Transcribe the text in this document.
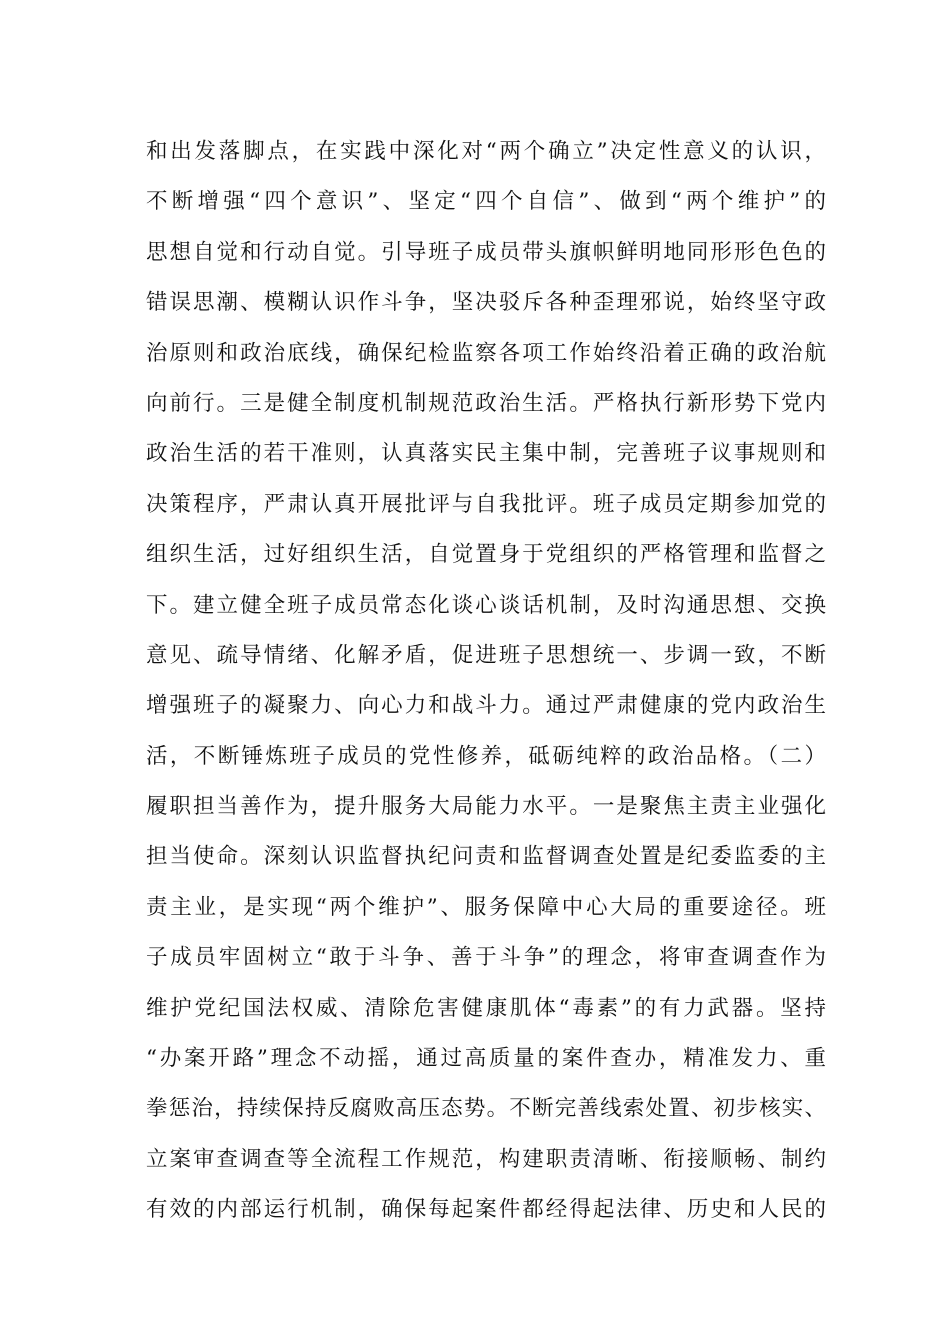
和出发落脚点，在实践中深化对“两个确立”决定性意义的认识，
不断增强“四个意识”、坚定“四个自信”、做到“两个维护”的
思想自觉和行动自觉。引导班子成员带头旗帜鲜明地同形形色色的
错误思潮、模糊认识作斗争，坚决驳斥各种歪理邪说，始终坚守政
治原则和政治底线，确保纪检监察各项工作始终沿着正确的政治航
向前行。三是健全制度机制规范政治生活。严格执行新形势下党内
政治生活的若干准则，认真落实民主集中制，完善班子议事规则和
决策程序，严肃认真开展批评与自我批评。班子成员定期参加党的
组织生活，过好组织生活，自觉置身于党组织的严格管理和监督之
下。建立健全班子成员常态化谈心谈话机制，及时沟通思想、交换
意见、疏导情绪、化解矛盾，促进班子思想统一、步调一致，不断
增强班子的凝聚力、向心力和战斗力。通过严肃健康的党内政治生
活，不断锤炼班子成员的党性修养，砥砺纯粹的政治品格。（二）
履职担当善作为，提升服务大局能力水平。一是聚焦主责主业强化
担当使命。深刻认识监督执纪问责和监督调查处置是纪委监委的主
责主业，是实现“两个维护”、服务保障中心大局的重要途径。班
子成员牢固树立“敢于斗争、善于斗争”的理念，将审查调查作为
维护党纪国法权威、清除危害健康肌体“毒素”的有力武器。坚持
“办案开路”理念不动摇，通过高质量的案件查办，精准发力、重
拳惩治，持续保持反腐败高压态势。不断完善线索处置、初步核实、
立案审查调查等全流程工作规范，构建职责清晰、衔接顺畅、制约
有效的内部运行机制，确保每起案件都经得起法律、历史和人民的
